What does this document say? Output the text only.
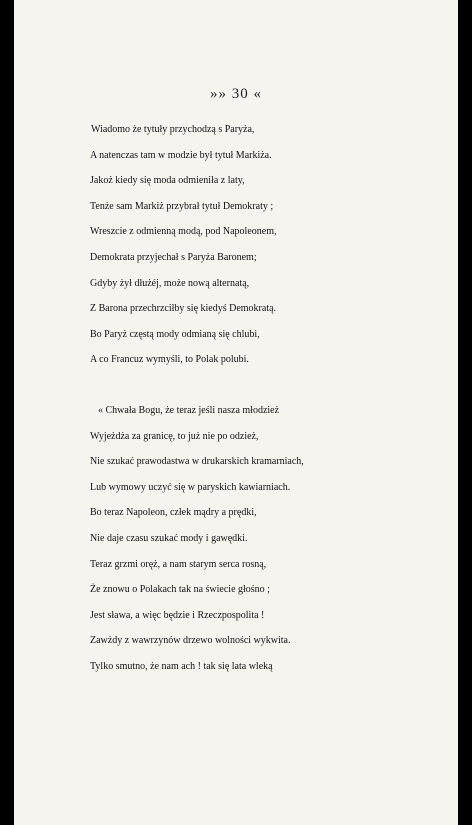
»» 30 «
Wiadomo że tytuły przychodzą s Paryża,
A natenczas tam w modzie był tytuł Markiża.
Jakoż kiedy się moda odmieniła z laty,
Tenże sam Markiż przybrał tytuł Demokraty ;
Wreszcie z odmienną modą, pod Napoleonem,
Demokrata przyjechał s Paryża Baronem;
Gdyby żył dłużéj, może nową alternatą,
Z Barona przechrzciłby się kiedyś Demokratą.
Bo Paryż częstą mody odmianą się chlubi,
A co Francuz wymyśli, to Polak polubi.
« Chwała Bogu, że teraz jeśli nasza młodzież
Wyjeżdża za granicę, to już nie po odzież,
Nie szukać prawodastwa w drukarskich kramarniach,
Lub wymowy uczyć się w paryskich kawiarniach.
Bo teraz Napoleon, człek mądry a prędki,
Nie daje czasu szukać mody i gawędki.
Teraz grzmi oręż, a nam starym serca rosną,
Że znowu o Polakach tak na świecie głośno ;
Jest sława, a więc będzie i Rzeczpospolita !
Zawżdy z wawrzynów drzewo wolności wykwita.
Tylko smutno, że nam ach ! tak się lata wleką
